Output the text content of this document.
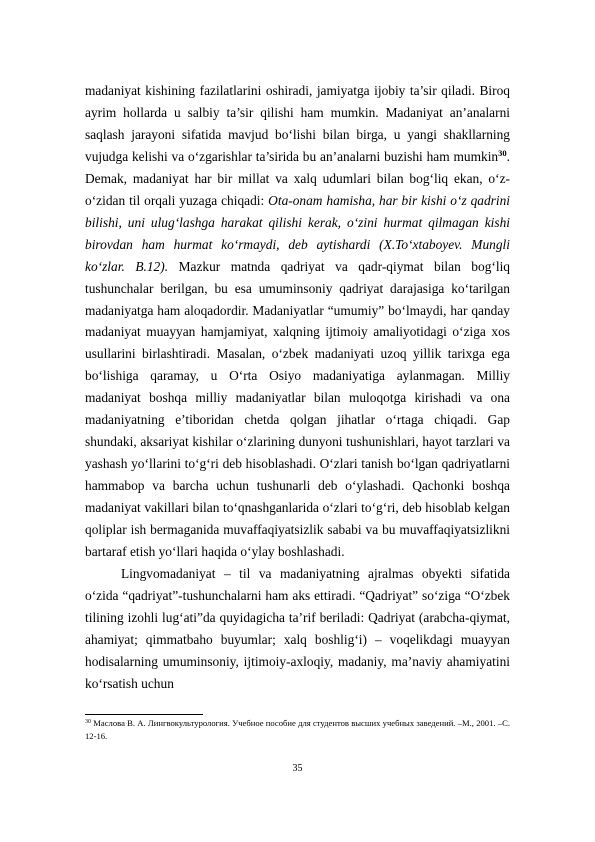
madaniyat kishining fazilatlarini oshiradi, jamiyatga ijobiy ta’sir qiladi. Biroq ayrim hollarda u salbiy ta’sir qilishi ham mumkin. Madaniyat an’analarni saqlash jarayoni sifatida mavjud bo‘lishi bilan birga, u yangi shakllarning vujudga kelishi va o‘zgarishlar ta’sirida bu an’analarni buzishi ham mumkin$^{30}$. Demak, madaniyat har bir millat va xalq udumlari bilan bog‘liq ekan, o‘z-o‘zidan til orqali yuzaga chiqadi: Ota-onam hamisha, har bir kishi o‘z qadrini bilishi, uni ulug‘lashga harakat qilishi kerak, o‘zini hurmat qilmagan kishi birovdan ham hurmat ko‘rmaydi, deb aytishardi (X.To‘xtaboyev. Mungli ko‘zlar. B.12). Mazkur matnda qadriyat va qadr-qiymat bilan bog‘liq tushunchalar berilgan, bu esa umuminsoniy qadriyat darajasiga ko‘tarilgan madaniyatga ham aloqadordir. Madaniyatlar “umumiy” bo‘lmaydi, har qanday madaniyat muayyan hamjamiyat, xalqning ijtimoiy amaliyotidagi o‘ziga xos usullarini birlashtiradi. Masalan, o‘zbek madaniyati uzoq yillik tarixga ega bo‘lishiga qaramay, u O‘rta Osiyo madaniyatiga aylanmagan. Milliy madaniyat boshqa milliy madaniyatlar bilan muloqotga kirishadi va ona madaniyatning e’tiboridan chetda qolgan jihatlar o‘rtaga chiqadi. Gap shundaki, aksariyat kishilar o‘zlarining dunyoni tushunishlari, hayot tarzlari va yashash yo‘llarini to‘g‘ri deb hisoblashadi. O‘zlari tanish bo‘lgan qadriyatlarni hammabop va barcha uchun tushunarli deb o‘ylashadi. Qachonki boshqa madaniyat vakillari bilan to‘qnashganlarida o‘zlari to‘g‘ri, deb hisoblab kelgan qoliplar ish bermaganida muvaffaqiyatsizlik sababi va bu muvaffaqiyatsizlikni bartaraf etish yo‘llari haqida o‘ylay boshlashadi.

Lingvomadaniyat – til va madaniyatning ajralmas obyekti sifatida o‘zida “qadriyat”-tushunchalarni ham aks ettiradi. “Qadriyat” so‘ziga “O‘zbek tilining izohli lug‘ati”da quyidagicha ta’rif beriladi: Qadriyat (arabcha-qiymat, ahamiyat; qimmatbaho buyumlar; xalq boshlig‘i) – voqelikdagi muayyan hodisalarning umuminsoniy, ijtimoiy-axloqiy, madaniy, ma’naviy ahamiyatini ko‘rsatish uchun

$^{30}$ Маслова В. А. Лингвокультурология. Учебное пособие для студентов высших учебных заведений. –М., 2001. –С. 12-16.
35
